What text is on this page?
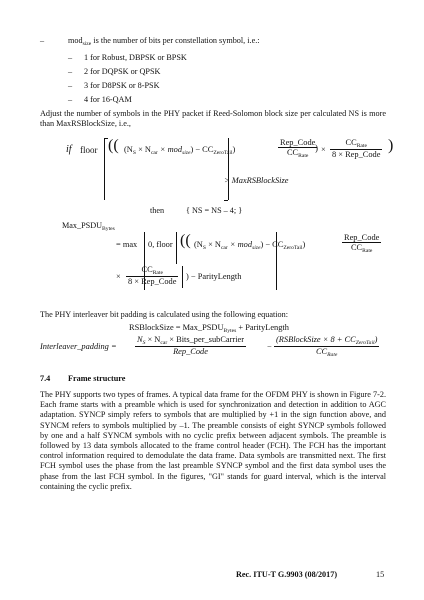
–	mod$_{size}$ is the number of bits per constellation symbol, i.e.:
– 1 for Robust, DBPSK or BPSK
– 2 for DQPSK or QPSK
– 3 for D8PSK or 8-PSK
– 4 for 16-QAM
Adjust the number of symbols in the PHY packet if Reed-Solomon block size per calculated NS is more than MaxRSBlockSize, i.e.,
if floor (( $(N_S \times N_{car} \times mod_{size}) - CC_{ZeroTail}$)	$\frac{\text{Rep\_Code}}{CC_{Rate}}$
) × $\frac{CC_{Rate}}{\text{8 × Rep\_Code}}$ )
> MaxRSBlockSize
then	{ NS = NS – 4; }
$Max\_PSDU_{Bytes}$
= max 0, floor (( $(N_S \times N_{car} \times mod_{size}) - CC_{ZeroTail}$)	$\frac{\text{Rep\_Code}}{CC_{Rate}}$
× $\frac{CC_{Rate}}{\text{8 × Rep\_Code}}$ ) − ParityLength
The PHY interleaver bit padding is calculated using the following equation:
RSBlockSize = $Max\_PSDU_{Bytes}$ + ParityLength
Interleaver_padding = $\frac{N_S \times N_{car} \times Bits\_per\_subCarrier}{\text{Rep\_Code}} - \frac{(RSBlockSize \times 8 + CC_{ZeroTail})}{CC_{Rate}}$
7.4 Frame structure
The PHY supports two types of frames. A typical data frame for the OFDM PHY is shown in Figure 7-2. Each frame starts with a preamble which is used for synchronization and detection in addition to AGC adaptation. SYNCP simply refers to symbols that are multiplied by +1 in the sign function above, and SYNCM refers to symbols multiplied by –1. The preamble consists of eight SYNCP symbols followed by one and a half SYNCM symbols with no cyclic prefix between adjacent symbols. The preamble is followed by 13 data symbols allocated to the frame control header (FCH). The FCH has the important control information required to demodulate the data frame. Data symbols are transmitted next. The first FCH symbol uses the phase from the last preamble SYNCP symbol and the first data symbol uses the phase from the last FCH symbol. In the figures, "GI" stands for guard interval, which is the interval containing the cyclic prefix.
Rec. ITU-T G.9903 (08/2017)	15
